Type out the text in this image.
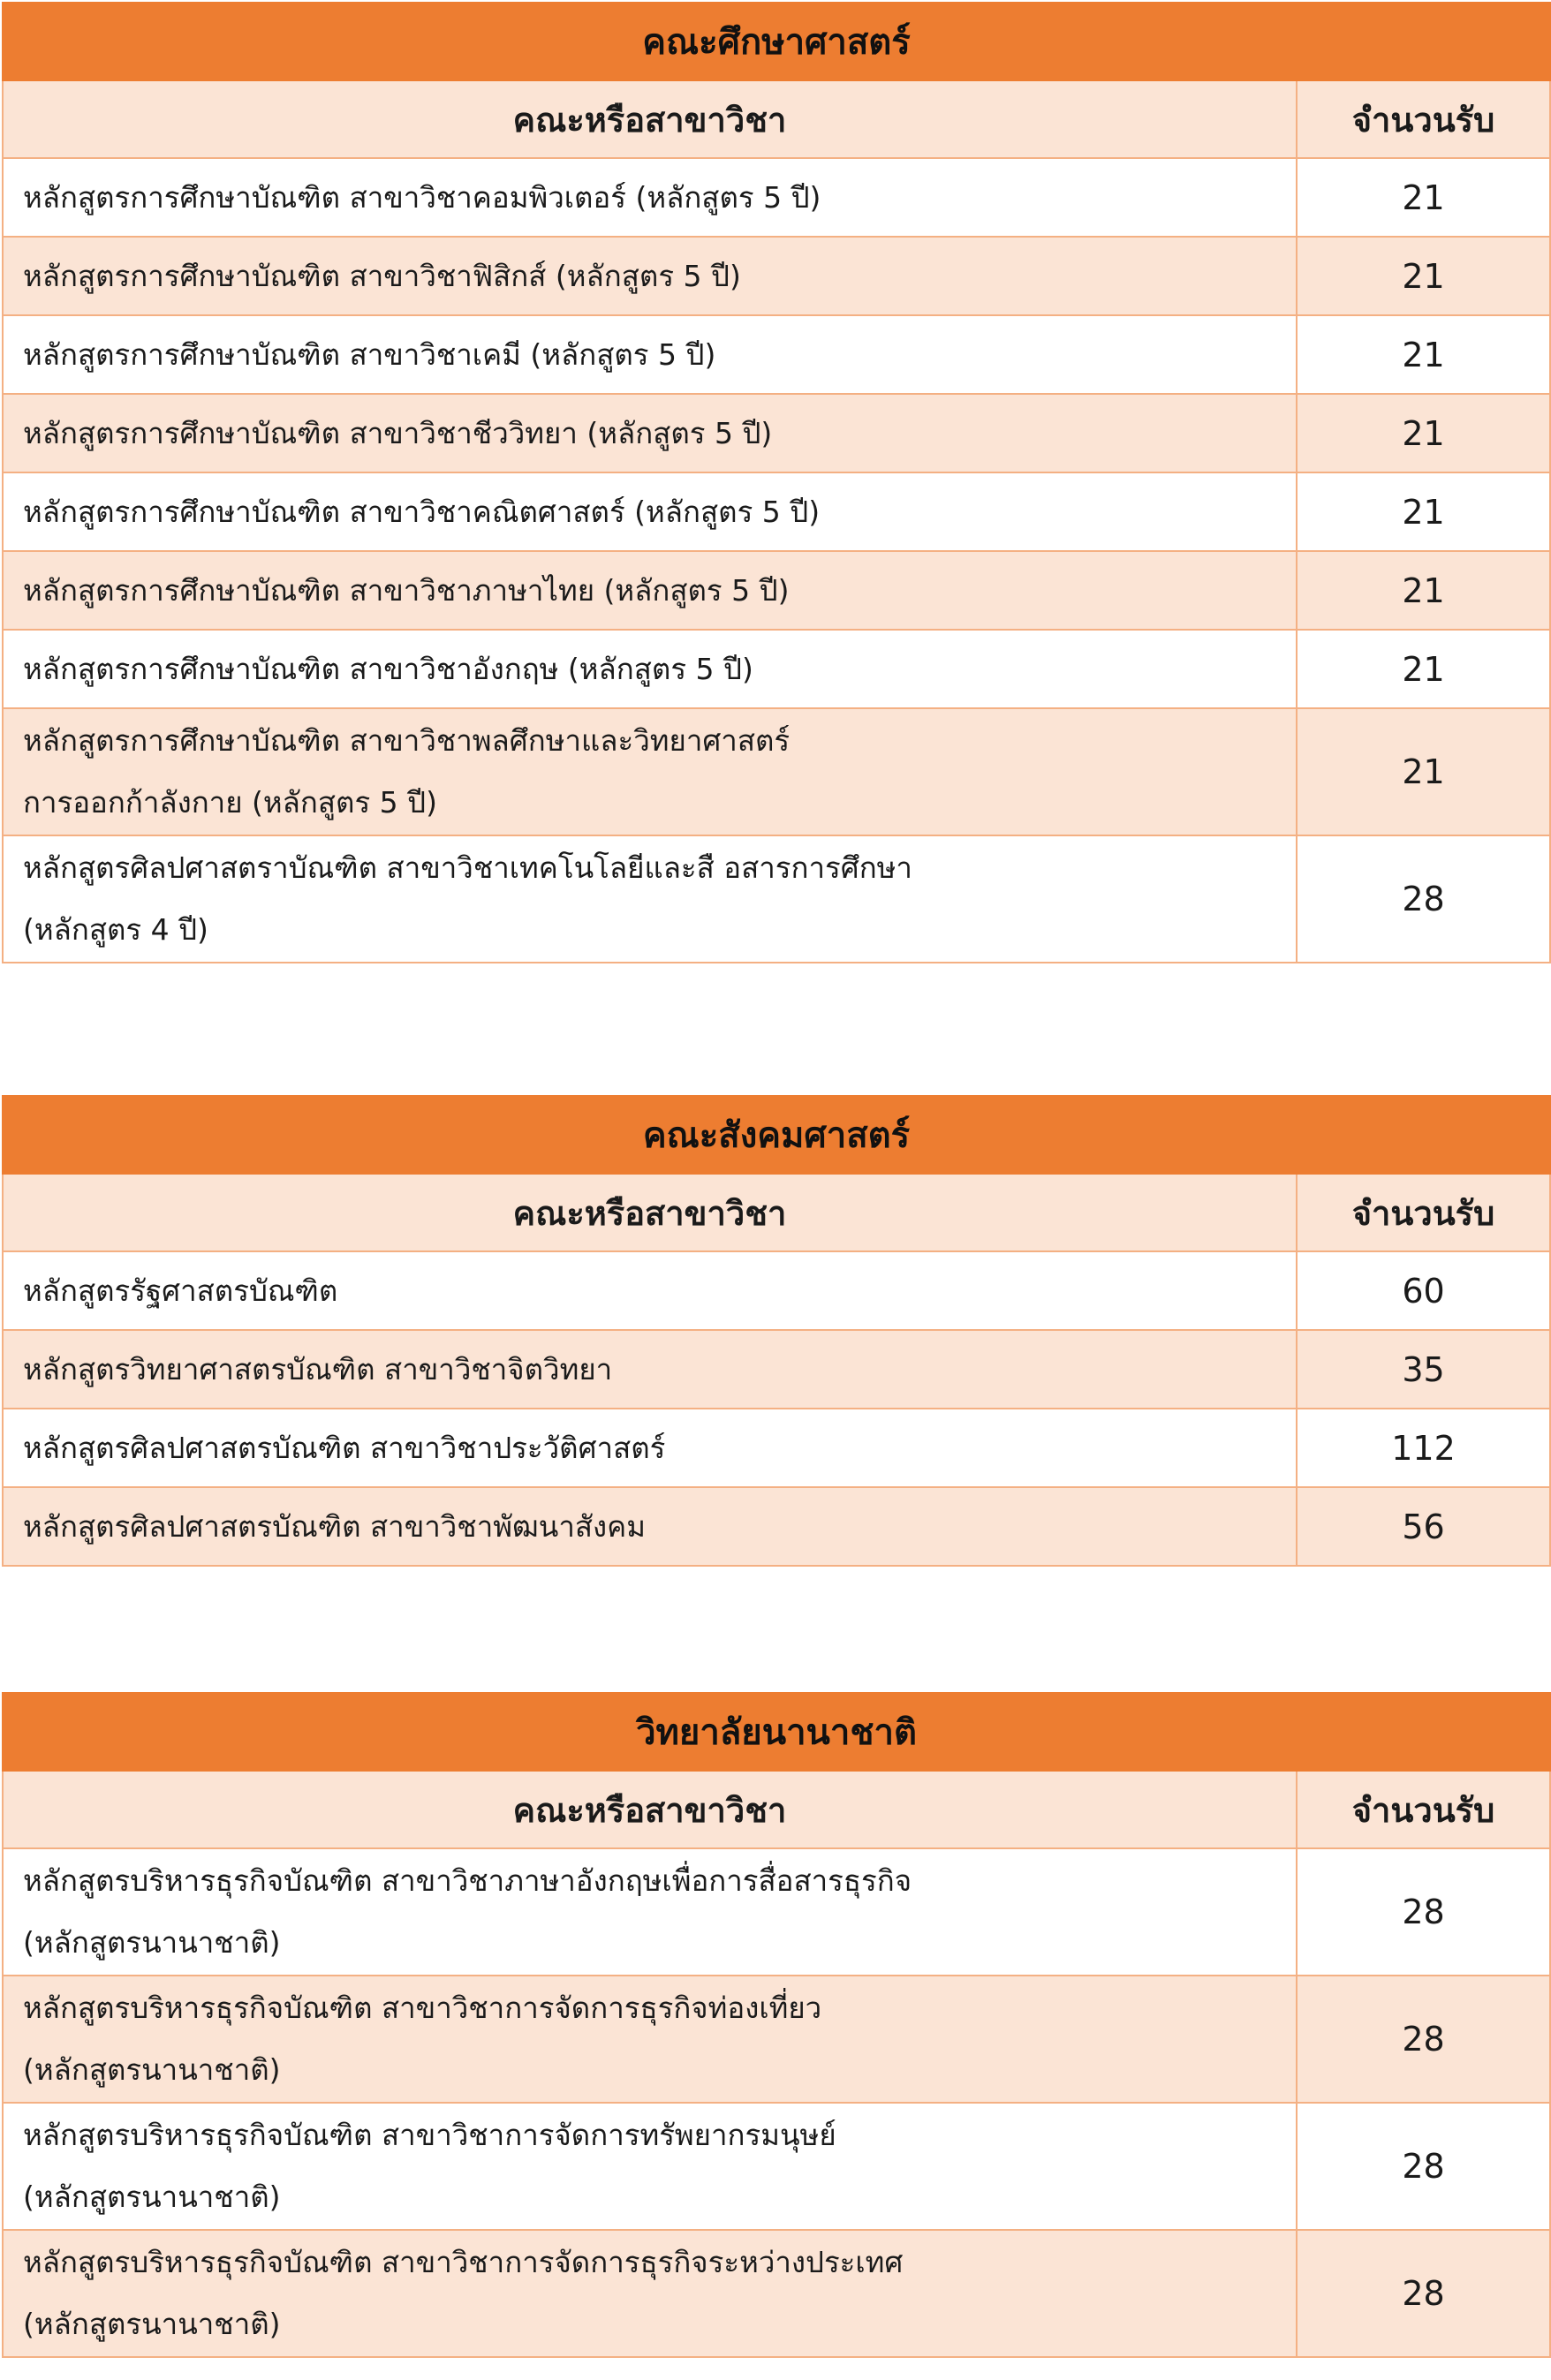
คณะศึกษาศาสตร์	
คณะหรือสาขาวิชา	จำนวนรับ
หลักสูตรการศึกษาบัณฑิต สาขาวิชาคอมพิวเตอร์ (หลักสูตร 5 ปี)	21
หลักสูตรการศึกษาบัณฑิต สาขาวิชาฟิสิกส์ (หลักสูตร 5 ปี)	21
หลักสูตรการศึกษาบัณฑิต สาขาวิชาเคมี (หลักสูตร 5 ปี)	21
หลักสูตรการศึกษาบัณฑิต สาขาวิชาชีววิทยา (หลักสูตร 5 ปี)	21
หลักสูตรการศึกษาบัณฑิต สาขาวิชาคณิตศาสตร์ (หลักสูตร 5 ปี)	21
หลักสูตรการศึกษาบัณฑิต สาขาวิชาภาษาไทย (หลักสูตร 5 ปี)	21
หลักสูตรการศึกษาบัณฑิต สาขาวิชาอังกฤษ (หลักสูตร 5 ปี)	21

หลักสูตรการศึกษาบัณฑิต สาขาวิชาพลศึกษาและวิทยาศาสตร์
การออกก้าลังกาย (หลักสูตร 5 ปี)	21

หลักสูตรศิลปศาสตราบัณฑิต สาขาวิชาเทคโนโลยีและสื อสารการศึกษา
(หลักสูตร 4 ปี)	28
คณะสังคมศาสตร์	
คณะหรือสาขาวิชา	จำนวนรับ
หลักสูตรรัฐศาสตรบัณฑิต	60
หลักสูตรวิทยาศาสตรบัณฑิต สาขาวิชาจิตวิทยา	35
หลักสูตรศิลปศาสตรบัณฑิต สาขาวิชาประวัติศาสตร์	112
หลักสูตรศิลปศาสตรบัณฑิต สาขาวิชาพัฒนาสังคม	56
วิทยาลัยนานาชาติ	
คณะหรือสาขาวิชา	จำนวนรับ

หลักสูตรบริหารธุรกิจบัณฑิต สาขาวิชาภาษาอังกฤษเพื่อการสื่อสารธุรกิจ
(หลักสูตรนานาชาติ)	28

หลักสูตรบริหารธุรกิจบัณฑิต สาขาวิชาการจัดการธุรกิจท่องเที่ยว
(หลักสูตรนานาชาติ)	28

หลักสูตรบริหารธุรกิจบัณฑิต สาขาวิชาการจัดการทรัพยากรมนุษย์
(หลักสูตรนานาชาติ)	28

หลักสูตรบริหารธุรกิจบัณฑิต สาขาวิชาการจัดการธุรกิจระหว่างประเทศ
(หลักสูตรนานาชาติ)	28
